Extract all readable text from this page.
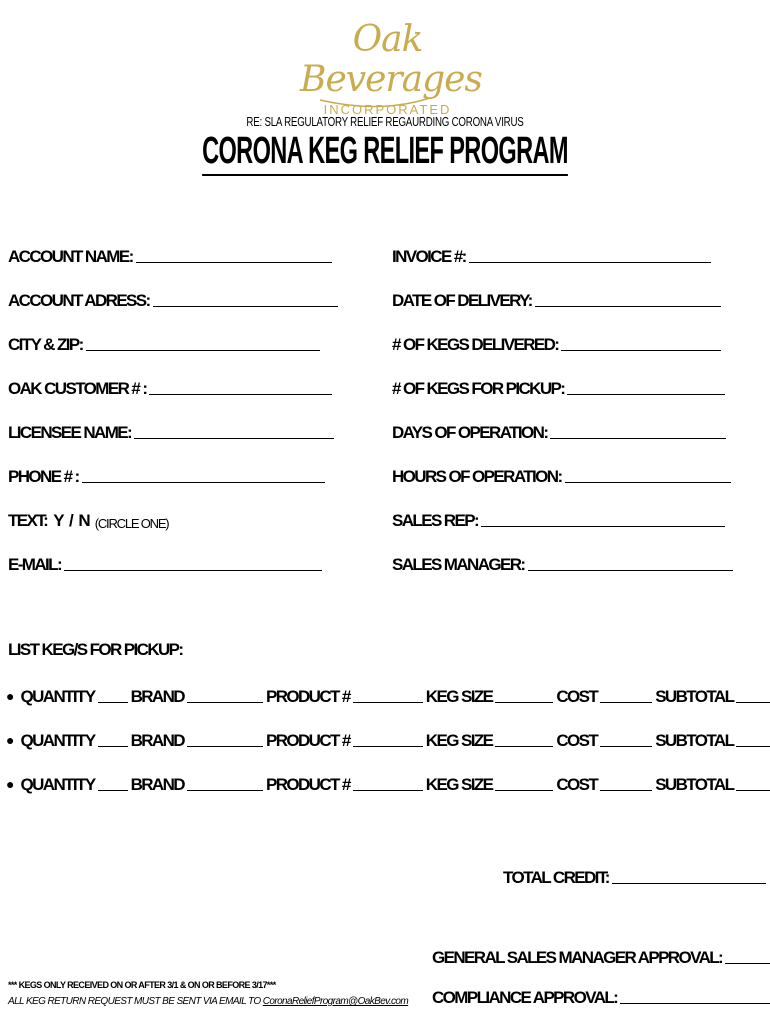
Oak Beverages
INCORPORATED
RE: SLA REGULATORY RELIEF REGAURDING CORONA VIRUS
CORONA KEG RELIEF PROGRAM
ACCOUNT NAME:
ACCOUNT ADRESS:
CITY & ZIP:
OAK CUSTOMER # :
LICENSEE NAME:
PHONE # :
TEXT: Y / N (CIRCLE ONE)
E-MAIL:
INVOICE #:
DATE OF DELIVERY:
# OF KEGS DELIVERED:
# OF KEGS FOR PICKUP:
DAYS OF OPERATION:
HOURS OF OPERATION:
SALES REP:
SALES MANAGER:
LIST KEG/S FOR PICKUP:
● QUANTITY BRAND	PRODUCT #	KEG SIZE	COST	SUBTOTAL
● QUANTITY BRAND	PRODUCT #	KEG SIZE	COST	SUBTOTAL
● QUANTITY BRAND	PRODUCT #	KEG SIZE	COST	SUBTOTAL
TOTAL CREDIT:
GENERAL SALES MANAGER APPROVAL:
COMPLIANCE APPROVAL:
*** KEGS ONLY RECEIVED ON OR AFTER 3/1 & ON OR BEFORE 3/17***
ALL KEG RETURN REQUEST MUST BE SENT VIA EMAIL TO CoronaReliefProgram@OakBev.com
